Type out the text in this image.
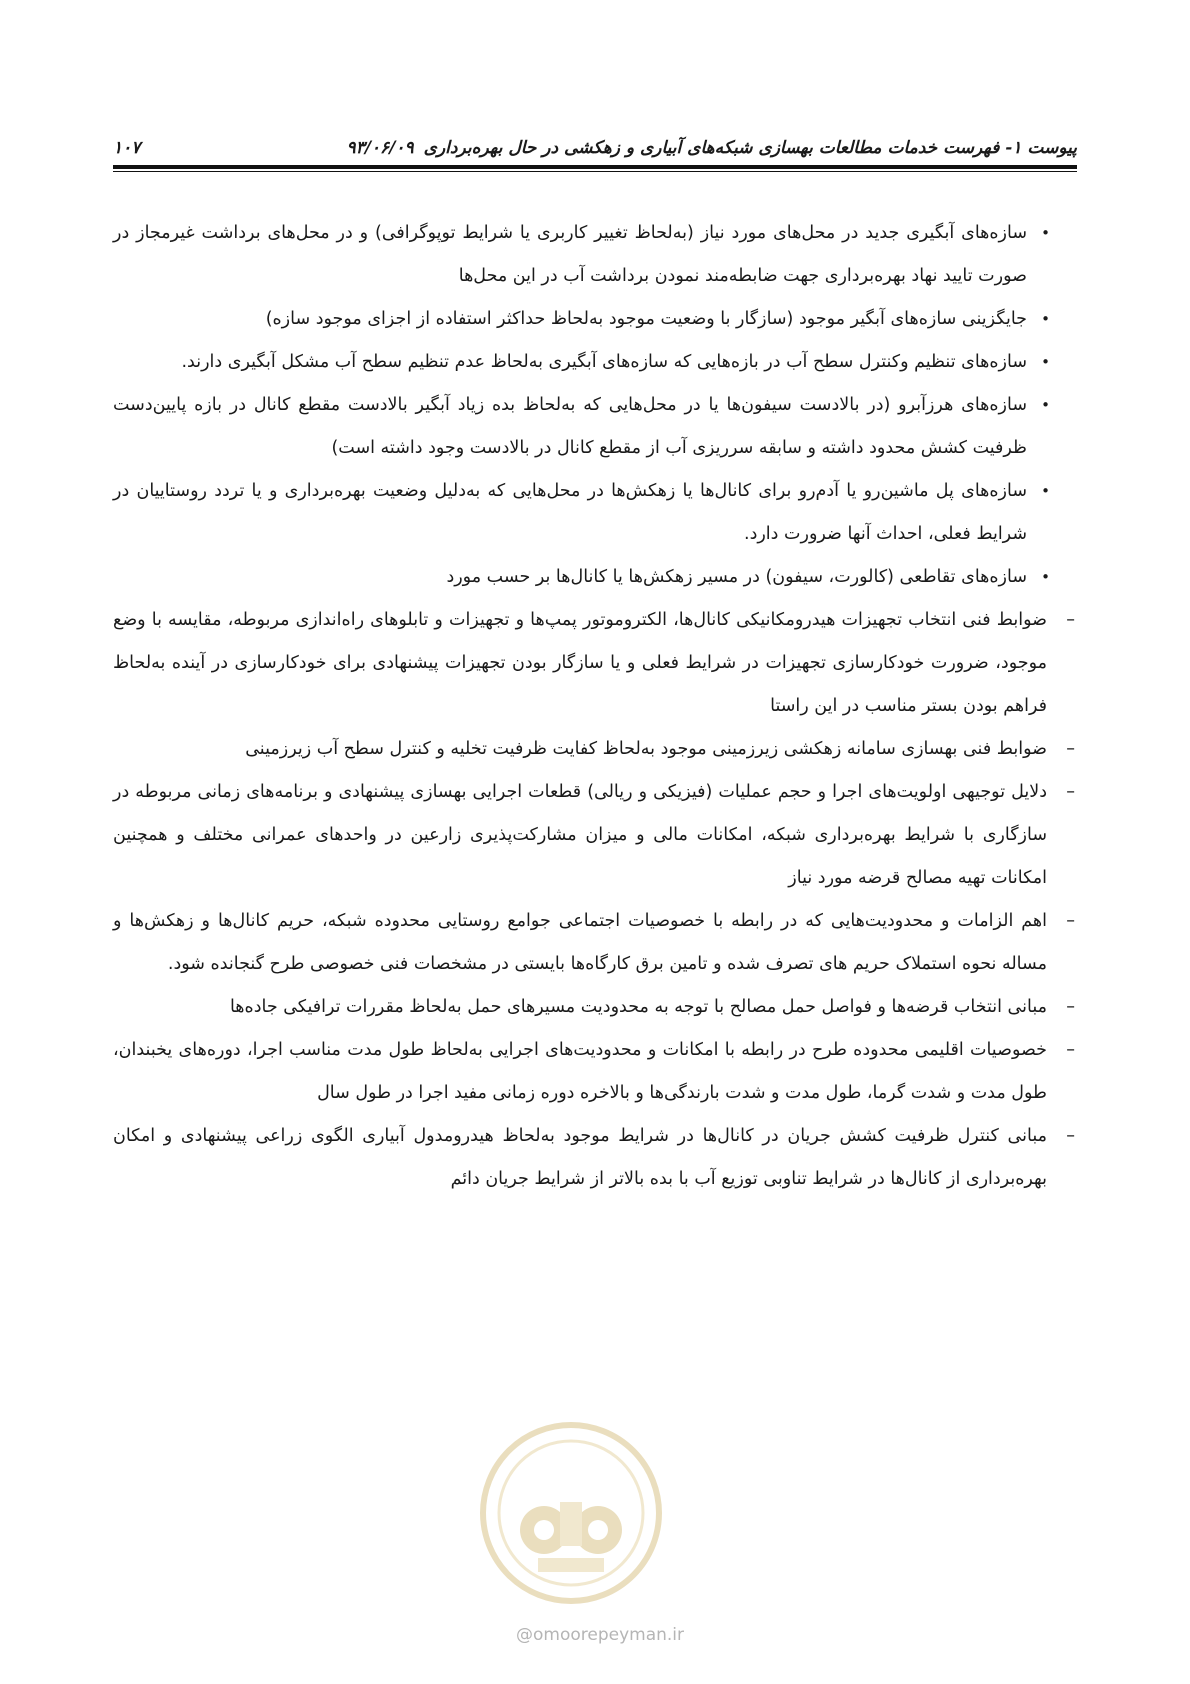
پیوست ۱- فهرست خدمات مطالعات بهسازی شبکه‌های آبیاری و زهکشی در حال بهره‌برداری۹۳/۰۶/۰۹
۱۰۷
•
سازه‌های آبگیری جدید در محل‌های مورد نیاز (به‌لحاظ تغییر کاربری یا شرایط توپوگرافی) و در محل‌های برداشت غیرمجاز در صورت تایید نهاد بهره‌برداری جهت ضابطه‌مند نمودن برداشت آب در این محل‌ها
•
جایگزینی سازه‌های آبگیر موجود (سازگار با وضعیت موجود به‌لحاظ حداکثر استفاده از اجزای موجود سازه)
•
سازه‌های تنظیم وکنترل سطح آب در بازه‌هایی که سازه‌های آبگیری به‌لحاظ عدم تنظیم سطح آب مشکل آبگیری دارند.
•
سازه‌های هرزآبرو (در بالادست سیفون‌ها یا در محل‌هایی که به‌لحاظ بده زیاد آبگیر بالادست مقطع کانال در بازه پایین‌دست ظرفیت کشش محدود داشته و سابقه سرریزی آب از مقطع کانال در بالادست وجود داشته است)
•
سازه‌های پل ماشین‌رو یا آدم‌رو برای کانال‌ها یا زهکش‌ها در محل‌هایی که به‌دلیل وضعیت بهره‌برداری و یا تردد روستاییان در شرایط فعلی، احداث آنها ضرورت دارد.
•
سازه‌های تقاطعی (کالورت، سیفون) در مسیر زهکش‌ها یا کانال‌ها بر حسب مورد
–
ضوابط فنی انتخاب تجهیزات هیدرومکانیکی کانال‌ها، الکتروموتور پمپ‌ها و تجهیزات و تابلوهای راه‌اندازی مربوطه، مقایسه با وضع موجود، ضرورت خودکارسازی تجهیزات در شرایط فعلی و یا سازگار بودن تجهیزات پیشنهادی برای خودکارسازی در آینده به‌لحاظ فراهم بودن بستر مناسب در این راستا
–
ضوابط فنی بهسازی سامانه زهکشی زیرزمینی موجود به‌لحاظ کفایت ظرفیت تخلیه و کنترل سطح آب زیرزمینی
–
دلایل توجیهی اولویت‌های اجرا و حجم عملیات (فیزیکی و ریالی) قطعات اجرایی بهسازی پیشنهادی و برنامه‌های زمانی مربوطه در سازگاری با شرایط بهره‌برداری شبکه، امکانات مالی و میزان مشارکت‌پذیری زارعین در واحدهای عمرانی مختلف و همچنین امکانات تهیه مصالح قرضه مورد نیاز
–
اهم الزامات و محدودیت‌هایی که در رابطه با خصوصیات اجتماعی جوامع روستایی محدوده شبکه، حریم کانال‌ها و زهکش‌ها و مساله نحوه استملاک حریم های تصرف شده و تامین برق کارگاه‌ها بایستی در مشخصات فنی خصوصی طرح گنجانده شود.
–
مبانی انتخاب قرضه‌ها و فواصل حمل مصالح با توجه به محدودیت مسیرهای حمل به‌لحاظ مقررات ترافیکی جاده‌ها
–
خصوصیات اقلیمی محدوده طرح در رابطه با امکانات و محدودیت‌های اجرایی به‌لحاظ طول مدت مناسب اجرا، دوره‌های یخبندان، طول مدت و شدت گرما، طول مدت و شدت بارندگی‌ها و بالاخره دوره زمانی مفید اجرا در طول سال
–
مبانی کنترل ظرفیت کشش جریان در کانال‌ها در شرایط موجود به‌لحاظ هیدرومدول آبیاری الگوی زراعی پیشنهادی و امکان بهره‌برداری از کانال‌ها در شرایط تناوبی توزیع آب با بده بالاتر از شرایط جریان دائم
@omoorepeyman.ir
